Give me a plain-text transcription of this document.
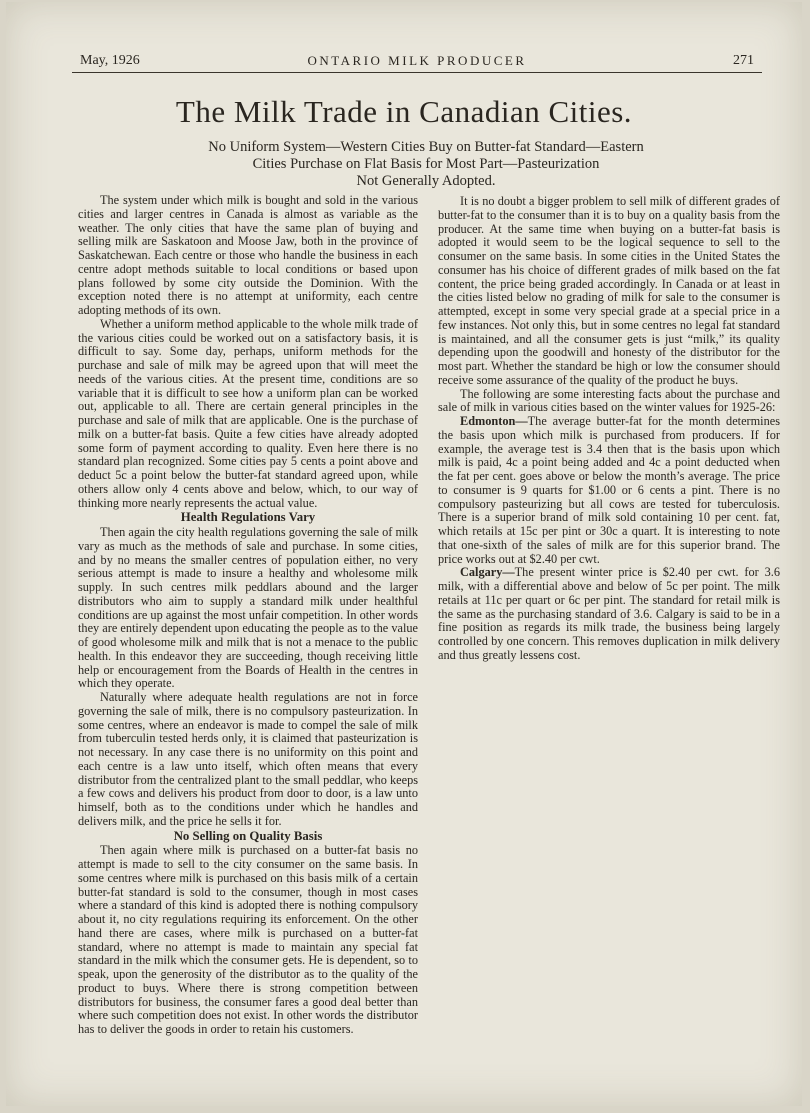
May, 1926	ONTARIO MILK PRODUCER	271
The Milk Trade in Canadian Cities.
No Uniform System—Western Cities Buy on Butter-fat Standard—Eastern
Cities Purchase on Flat Basis for Most Part—Pasteurization
Not Generally Adopted.

The system under which milk is bought and sold in the various cities and larger centres in Canada is almost as variable as the weather. The only cities that have the same plan of buying and selling milk are Saskatoon and Moose Jaw, both in the province of Saskatchewan. Each centre or those who handle the business in each centre adopt methods suitable to local conditions or based upon plans followed by some city outside the Dominion. With the exception noted there is no attempt at uniformity, each centre adopting methods of its own.

Whether a uniform method applicable to the whole milk trade of the various cities could be worked out on a satisfactory basis, it is difficult to say. Some day, perhaps, uniform methods for the purchase and sale of milk may be agreed upon that will meet the needs of the various cities. At the present time, conditions are so variable that it is difficult to see how a uniform plan can be worked out, applicable to all. There are certain general principles in the purchase and sale of milk that are applicable. One is the purchase of milk on a butter-fat basis. Quite a few cities have already adopted some form of payment according to quality. Even here there is no standard plan recognized. Some cities pay 5 cents a point above and deduct 5c a point below the butter-fat standard agreed upon, while others allow only 4 cents above and below, which, to our way of thinking more nearly represents the actual value.

Health Regulations Vary

Then again the city health regulations governing the sale of milk vary as much as the methods of sale and purchase. In some cities, and by no means the smaller centres of population either, no very serious attempt is made to insure a healthy and wholesome milk supply. In such centres milk peddlars abound and the larger distributors who aim to supply a standard milk under healthful conditions are up against the most unfair competition. In other words they are entirely dependent upon educating the people as to the value of good wholesome milk and milk that is not a menace to the public health. In this endeavor they are succeeding, though receiving little help or encouragement from the Boards of Health in the centres in which they operate.

Naturally where adequate health regulations are not in force governing the sale of milk, there is no compulsory pasteurization. In some centres, where an endeavor is made to compel the sale of milk from tuberculin tested herds only, it is claimed that pasteurization is not necessary. In any case there is no uniformity on this point and each centre is a law unto itself, which often means that every distributor from the centralized plant to the small peddlar, who keeps a few cows and delivers his product from door to door, is a law unto himself, both as to the conditions under which he handles and delivers milk, and the price he sells it for.

No Selling on Quality Basis

Then again where milk is purchased on a butter-fat basis no attempt is made to sell to the city consumer on the same basis. In some centres where milk is purchased on this basis milk of a certain butter-fat standard is sold to the consumer, though in most cases where a standard of this kind is adopted there is nothing compulsory about it, no city regulations requiring its enforcement. On the other hand there are cases, where milk is purchased on a butter-fat standard, where no attempt is made to maintain any special fat standard in the milk which the consumer gets. He is dependent, so to speak, upon the generosity of the distributor as to the quality of the product to buys. Where there is strong competition between distributors for business, the consumer fares a good deal better than where such competition does not exist. In other words the distributor has to deliver the goods in order to retain his customers.

It is no doubt a bigger problem to sell milk of different grades of butter-fat to the consumer than it is to buy on a quality basis from the producer. At the same time when buying on a butter-fat basis is adopted it would seem to be the logical sequence to sell to the consumer on the same basis. In some cities in the United States the consumer has his choice of different grades of milk based on the fat content, the price being graded accordingly. In Canada or at least in the cities listed below no grading of milk for sale to the consumer is attempted, except in some very special grade at a special price in a few instances. Not only this, but in some centres no legal fat standard is maintained, and all the consumer gets is just “milk,” its quality depending upon the goodwill and honesty of the distributor for the most part. Whether the standard be high or low the consumer should receive some assurance of the quality of the product he buys.

The following are some interesting facts about the purchase and sale of milk in various cities based on the winter values for 1925-26:

Edmonton—The average butter-fat for the month determines the basis upon which milk is purchased from producers. If for example, the average test is 3.4 then that is the basis upon which milk is paid, 4c a point being added and 4c a point deducted when the fat per cent. goes above or below the month’s average. The price to consumer is 9 quarts for $1.00 or 6 cents a pint. There is no compulsory pasteurizing but all cows are tested for tuberculosis. There is a superior brand of milk sold containing 10 per cent. fat, which retails at 15c per pint or 30c a quart. It is interesting to note that one-sixth of the sales of milk are for this superior brand. The price works out at $2.40 per cwt.

Calgary—The present winter price is $2.40 per cwt. for 3.6 milk, with a differential above and below of 5c per point. The milk retails at 11c per quart or 6c per pint. The standard for retail milk is the same as the purchasing standard of 3.6. Calgary is said to be in a fine position as regards its milk trade, the business being largely controlled by one concern. This removes duplication in milk delivery and thus greatly lessens cost.
